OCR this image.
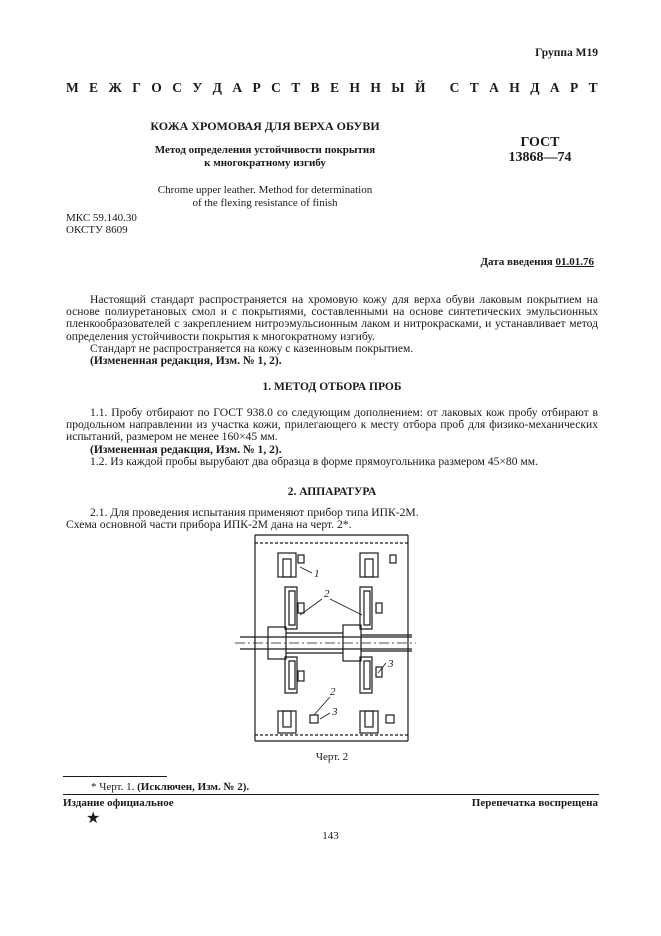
Группа М19
М Е Ж Г О С У Д А Р С Т В Е Н Н Ы Й
С Т А Н Д А Р Т
КОЖА ХРОМОВАЯ ДЛЯ ВЕРХА ОБУВИ
Метод определения устойчивости покрытия
к многократному изгибу
Chrome upper leather. Method for determination
of the flexing resistance of finish
ГОСТ
13868—74
МКС 59.140.30
ОКСТУ 8609
Дата введения 01.01.76

Настоящий стандарт распространяется на хромовую кожу для верха обуви лаковым покрытием на основе полиуретановых смол и с покрытиями, составленными на основе синтетических эмульсионных пленкообразователей с закреплением нитроэмульсионным лаком и нитрокрасками, и устанавливает метод определения устойчивости покрытия к многократному изгибу.

Стандарт не распространяется на кожу с казеиновым покрытием.

(Измененная редакция, Изм. № 1, 2).

1. МЕТОД ОТБОРА ПРОБ

1.1. Пробу отбирают по ГОСТ 938.0 со следующим дополнением: от лаковых кож пробу отбирают в продольном направлении из участка кожи, прилегающего к месту отбора проб для физико-механических испытаний, размером не менее 160×45 мм.

(Измененная редакция, Изм. № 1, 2).

1.2. Из каждой пробы вырубают два образца в форме прямоугольника размером 45×80 мм.

2. АППАРАТУРА

2.1. Для проведения испытания применяют прибор типа ИПК-2М.

Схема основной части прибора ИПК-2М дана на черт. 2*.

1
2
3
2
3
Черт. 2
* Черт. 1. (Исключен, Изм. № 2).
Издание официальное	Перепечатка воспрещена
★
143
